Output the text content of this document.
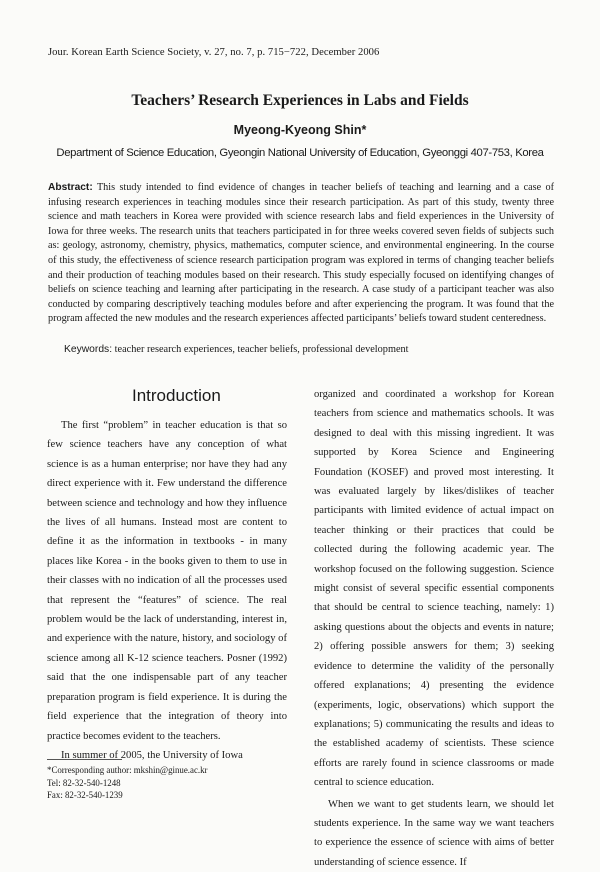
Jour. Korean Earth Science Society, v. 27, no. 7, p. 715−722, December 2006
Teachers’ Research Experiences in Labs and Fields
Myeong-Kyeong Shin*
Department of Science Education, Gyeongin National University of Education, Gyeonggi 407-753, Korea
Abstract: This study intended to find evidence of changes in teacher beliefs of teaching and learning and a case of infusing research experiences in teaching modules since their research participation. As part of this study, twenty three science and math teachers in Korea were provided with science research labs and field experiences in the University of Iowa for three weeks. The research units that teachers participated in for three weeks covered seven fields of subjects such as: geology, astronomy, chemistry, physics, mathematics, computer science, and environmental engineering. In the course of this study, the effectiveness of science research participation program was explored in terms of changing teacher beliefs and their production of teaching modules based on their research. This study especially focused on identifying changes of beliefs on science teaching and learning after participating in the research. A case study of a participant teacher was also conducted by comparing descriptively teaching modules before and after experiencing the program. It was found that the program affected the new modules and the research experiences affected participants’ beliefs toward student centeredness.
Keywords: teacher research experiences, teacher beliefs, professional development
Introduction

The first “problem” in teacher education is that so few science teachers have any conception of what science is as a human enterprise; nor have they had any direct experience with it. Few understand the difference between science and technology and how they influence the lives of all humans. Instead most are content to define it as the information in textbooks - in many places like Korea - in the books given to them to use in their classes with no indication of all the processes used that represent the “features” of science. The real problem would be the lack of understanding, interest in, and experience with the nature, history, and sociology of science among all K-12 science teachers. Posner (1992) said that the one indispensable part of any teacher preparation program is field experience. It is during the field experience that the integration of theory into practice becomes evident to the teachers.

In summer of 2005, the University of Iowa

*Corresponding author: mkshin@ginue.ac.kr
Tel: 82-32-540-1248
Fax: 82-32-540-1239

organized and coordinated a workshop for Korean teachers from science and mathematics schools. It was designed to deal with this missing ingredient. It was supported by Korea Science and Engineering Foundation (KOSEF) and proved most interesting. It was evaluated largely by likes/dislikes of teacher participants with limited evidence of actual impact on teacher thinking or their practices that could be collected during the following academic year. The workshop focused on the following suggestion. Science might consist of several specific essential components that should be central to science teaching, namely: 1) asking questions about the objects and events in nature; 2) offering possible answers for them; 3) seeking evidence to determine the validity of the personally offered explanations; 4) presenting the evidence (experiments, logic, observations) which support the explanations; 5) communicating the results and ideas to the established academy of scientists. These science efforts are rarely found in science classrooms or made central to science education.

When we want to get students learn, we should let students experience. In the same way we want teachers to experience the essence of science with aims of better understanding of science essence. If
